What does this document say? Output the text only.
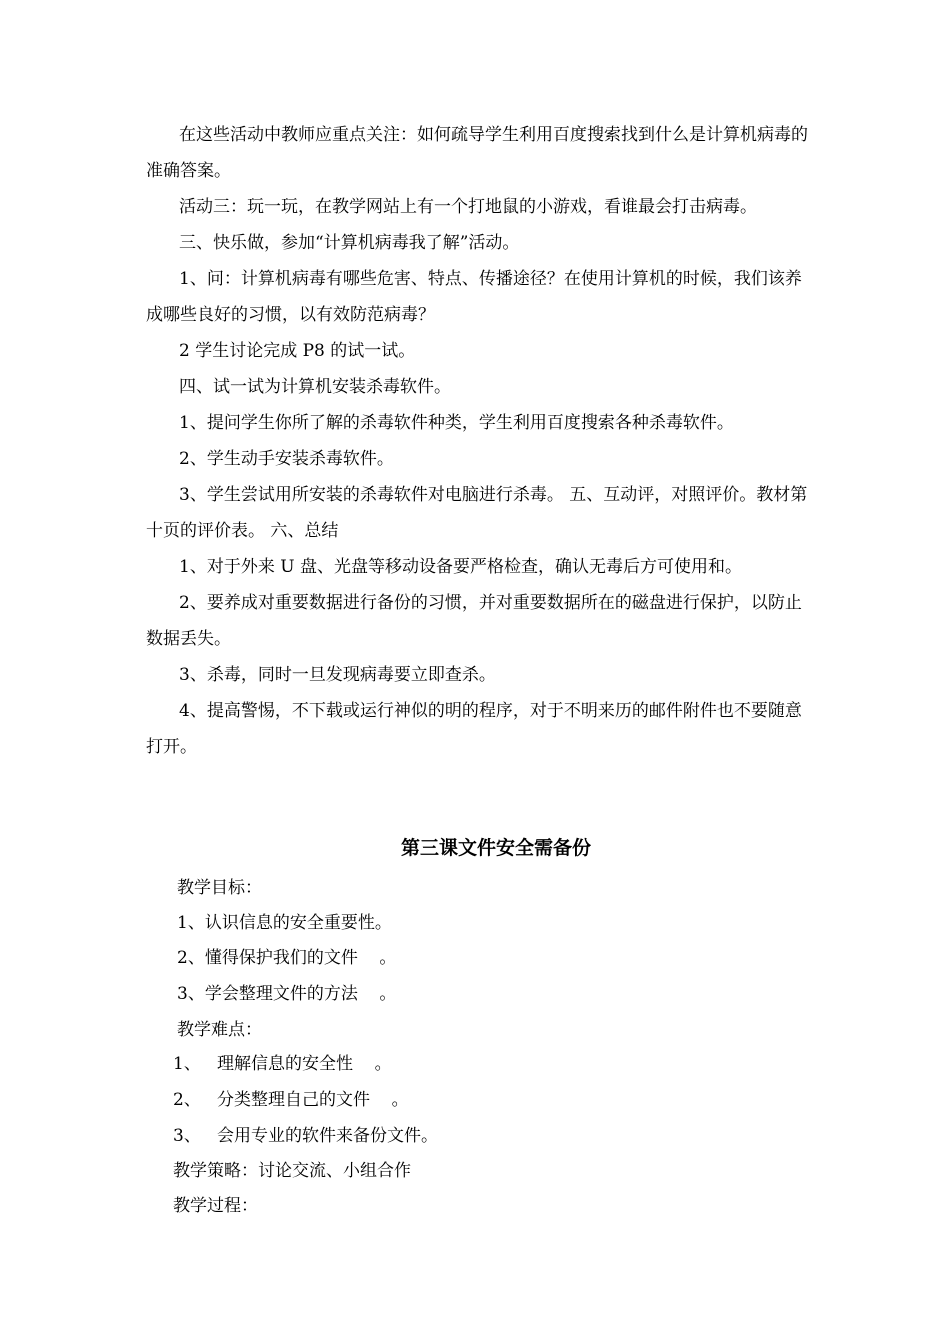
在这些活动中教师应重点关注：如何疏导学生利用百度搜索找到什么是计算机病毒的准确答案。

活动三：玩一玩，在教学网站上有一个打地鼠的小游戏，看谁最会打击病毒。

三、快乐做，参加“计算机病毒我了解”活动。

1、问：计算机病毒有哪些危害、特点、传播途径？在使用计算机的时候，我们该养成哪些良好的习惯，以有效防范病毒？

2 学生讨论完成 P8 的试一试。

四、试一试为计算机安装杀毒软件。

1、提问学生你所了解的杀毒软件种类，学生利用百度搜索各种杀毒软件。

2、学生动手安装杀毒软件。

3、学生尝试用所安装的杀毒软件对电脑进行杀毒。 五、互动评，对照评价。教材第十页的评价表。 六、总结

1、对于外来 U 盘、光盘等移动设备要严格检查，确认无毒后方可使用和。

2、要养成对重要数据进行备份的习惯，并对重要数据所在的磁盘进行保护，以防止数据丢失。

3、杀毒，同时一旦发现病毒要立即查杀。

4、提高警惕，不下载或运行神似的明的程序，对于不明来历的邮件附件也不要随意打开。

第三课文件安全需备份

教学目标：

1、认识信息的安全重要性。

2、懂得保护我们的文件    。

3、学会整理文件的方法    。

教学难点：

1、   理解信息的安全性    。

2、   分类整理自己的文件    。

3、   会用专业的软件来备份文件。

教学策略：讨论交流、小组合作

教学过程：
